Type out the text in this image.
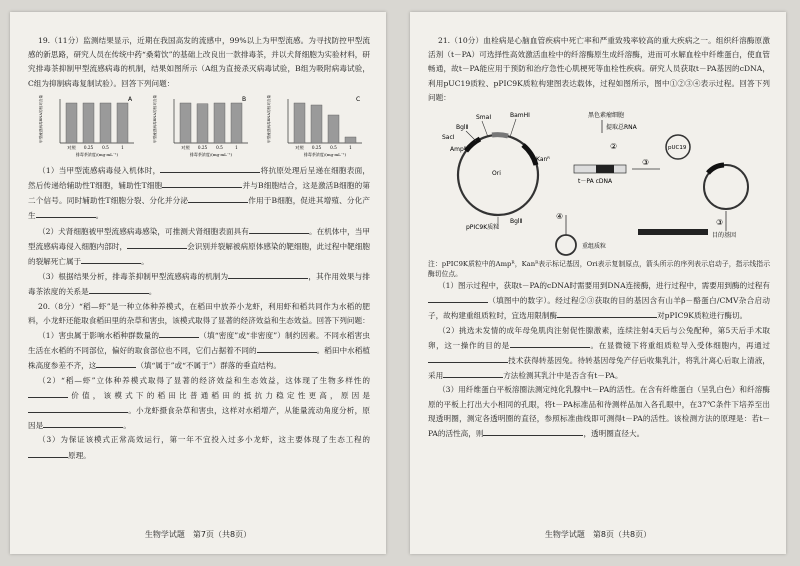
19.（11分）监测结果显示，近期在我国高发的流感中，99%以上为甲型流感。为寻找防控甲型流感的新思路，研究人员在传统中药“桑菊饮”的基础上改良出一款排毒茶，并以犬肾细胞为实验材料，研究排毒茶抑制甲型流感病毒的机制，结果如图所示（A组为直接杀灭病毒试验，B组为吸附病毒试验，C组为抑制病毒复制试验）。回答下列问题：

A
甲型流感病毒RNA的相对含量
对照 0.25 0.5	1
排毒茶浓度/(mg·mL⁻¹)
B
甲型流感病毒RNA的相对含量
对照 0.25 0.5	1
排毒茶浓度/(mg·mL⁻¹)
C
甲型流感病毒RNA的相对含量
对照 0.25 0.5	1
排毒茶浓度/(mg·mL⁻¹)

（1）当甲型流感病毒侵入机体时，	将抗原处理后呈递在细胞表面，然后传递给辅助性T细胞，辅助性T细胞	并与B细胞结合，这是激活B细胞的第二个信号。同时辅助性T细胞分裂、分化并分泌	作用于B细胞，促进其增殖、分化产生	。

（2）犬肾细胞被甲型流感病毒感染，可推测犬肾细胞表面具有	。在机体中，当甲型流感病毒侵入细胞内部时，	会识别并裂解被病原体感染的靶细胞，此过程中靶细胞的裂解死亡属于	。

（3）根据结果分析，排毒茶抑制甲型流感病毒的机制为	，其作用效果与排毒茶浓度的关系是	。

20.（8分）“稻—虾”是一种立体种养模式，在稻田中放养小龙虾，利用虾和稻共同作为水稻的肥料，小龙虾还能取食稻田里的杂草和害虫，该模式取得了显著的经济效益和生态效益。回答下列问题：

（1）害虫属于影响水稻种群数量的	（填“密度”或“非密度”）制约因素。不同水稻害虫生活在水稻的不同部位，偏好的取食部位也不同，它们占据着不同的	。稻田中水稻植株高度参差不齐，这	（填“属于”或“不属于”）群落的垂直结构。

（2）“稻—虾”立体种养模式取得了显著的经济效益和生态效益，这体现了生物多样性的价值，该模式下的稻田比普通稻田的抵抗力稳定性更高，原因是。小龙虾摄食杂草和害虫，这样对水稻增产，从能量流动角度分析，原因是	。

（3）为保证该模式正常高效运行，第一年不宜投入过多小龙虾，这主要体现了生态工程的原理。

生物学试题　第7页（共8页）

21.（10分）血栓病是心脑血管疾病中死亡率和严重致残率较高的重大疾病之一。组织纤溶酶原激活剂（t－PA）可选择性高效激活血栓中的纤溶酶原生成纤溶酶，进而可水解血栓中纤维蛋白，使血管畅通，故t－PA能应用于预防和治疗急性心肌梗死等血栓性疾病。研究人员获取t－PA基因的cDNA，利用pUC19质粒、pPIC9K质粒构建图表达载体，过程如图所示，图中①②③④表示过程。回答下列问题：

Ampᴿ
Kanᴿ
Ori
SmaⅠ	BamHⅠ
BglⅡ
SacⅠ
BglⅡ
pPIC9K质粒
黑色素瘤细胞
提取总RNA
t－PA cDNA
②	pUC19
③
③
目的基因
④
重组质粒

注：pPIC9K质粒中的Ampᴿ，Kanᴿ表示标记基因，Ori表示复制原点，箭头所示的序列表示启动子，指示线指示酶切位点。

（1）图示过程中，获取t－PA的cDNA时需要用到DNA连接酶，进行过程中，需要用到酶的过程有（填图中的数字）。经过程②③获取的目的基因含有山羊β－酪蛋白/CMV杂合启动子，故构建重组质粒时，宜选用限制酶	对pPIC9K质粒进行酶切。

（2）挑选未发情的成年母兔肌肉注射促性腺激素，连续注射4天后与公兔配种，第5天后手术取卵，这一操作的目的是	。在显微镜下将重组质粒导入受体细胞内，再通过技术获得转基因兔。待转基因母兔产仔后收集乳汁，将乳汁离心后取上清液，采用	方法检测其乳汁中是否含有t－PA。

（3）用纤维蛋白平板溶圈法测定纯化乳腺中t－PA的活性。在含有纤维蛋白（呈乳白色）和纤溶酶原的平板上打出大小相同的孔眼，将t－PA标准品和待测样品加入各孔眼中，在37℃条件下培养至出现透明圈，测定各透明圈的直径，参照标准曲线即可测得t－PA的活性。该检测方法的原理是：若t－PA的活性高，则	，透明圈直径大。

生物学试题　第8页（共8页）
